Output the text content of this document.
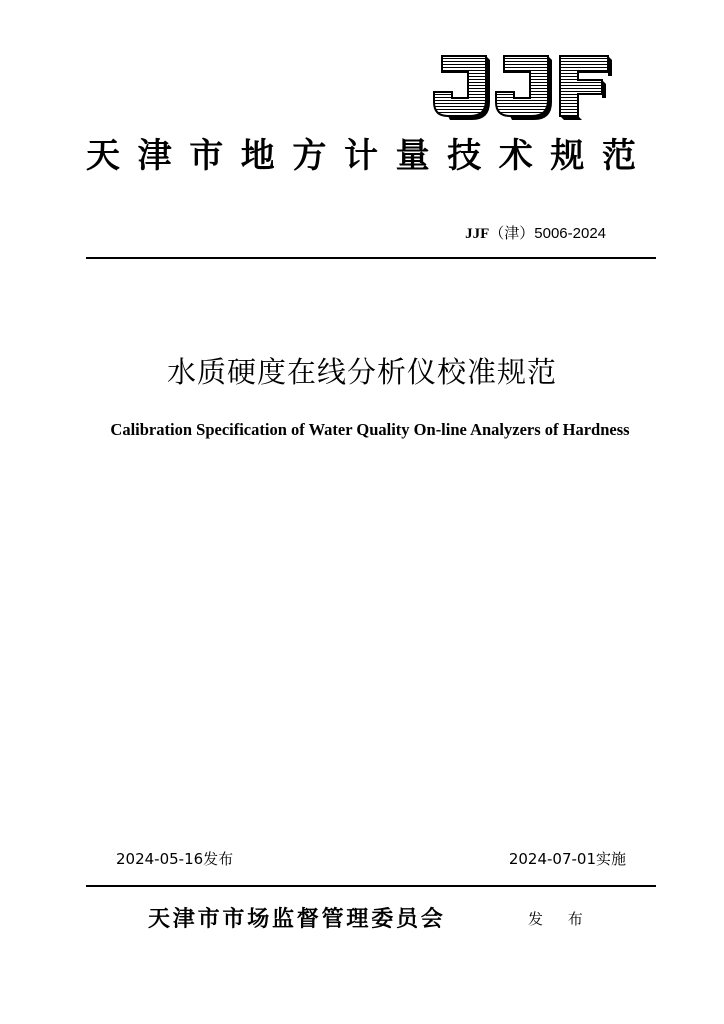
天津市地方计量技术规范
JJF（津）5006-2024
水质硬度在线分析仪校准规范
Calibration Specification of Water Quality On-line Analyzers of Hardness
2024-05-16发布	2024-07-01实施
天津市市场监督管理委员会	发 布
